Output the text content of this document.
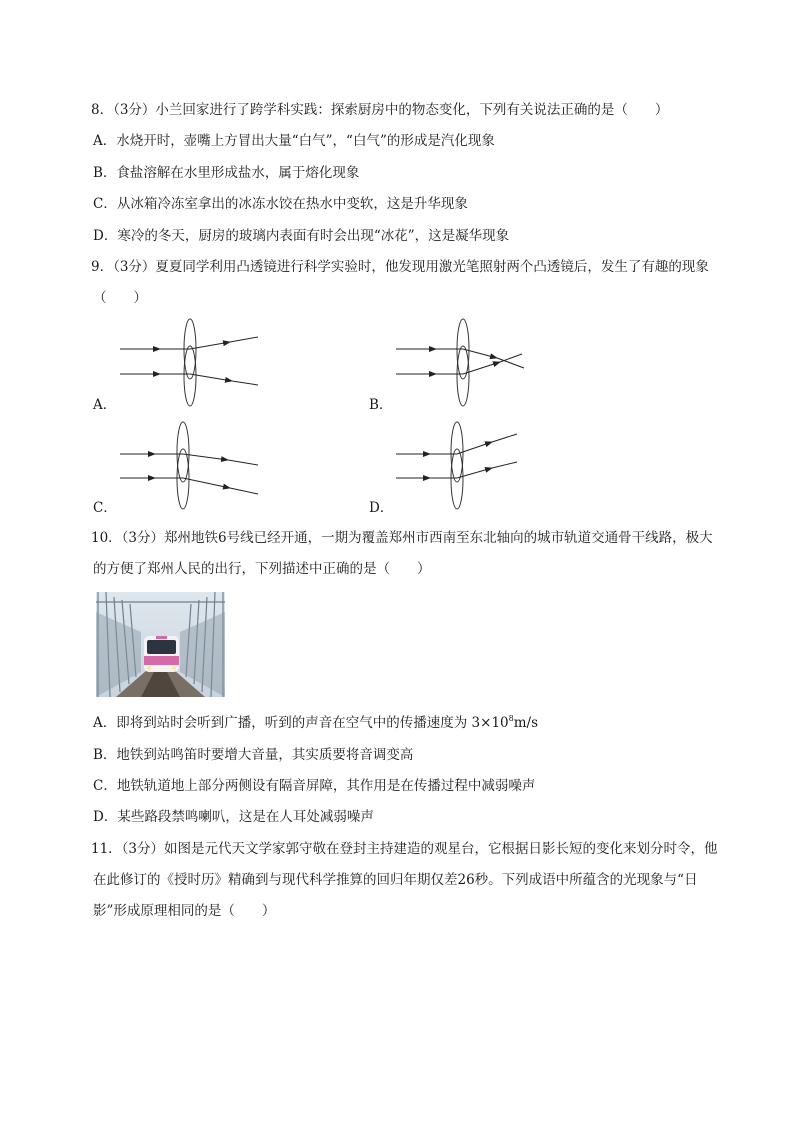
8．（3分）小兰回家进行了跨学科实践：探索厨房中的物态变化，下列有关说法正确的是（　　）
A．水烧开时，壶嘴上方冒出大量“白气”，“白气”的形成是汽化现象
B．食盐溶解在水里形成盐水，属于熔化现象
C．从冰箱冷冻室拿出的冰冻水饺在热水中变软，这是升华现象
D．寒冷的冬天，厨房的玻璃内表面有时会出现“冰花”，这是凝华现象
9．（3分）夏夏同学利用凸透镜进行科学实验时，他发现用激光笔照射两个凸透镜后，发生了有趣的现象
（　　）
A．	B．
C．	D．
10．（3分）郑州地铁6号线已经开通，一期为覆盖郑州市西南至东北轴向的城市轨道交通骨干线路，极大
的方便了郑州人民的出行，下列描述中正确的是（　　）
A．即将到站时会听到广播，听到的声音在空气中的传播速度为 $3\times 10^8m/s$
B．地铁到站鸣笛时要增大音量，其实质要将音调变高
C．地铁轨道地上部分两侧设有隔音屏障，其作用是在传播过程中减弱噪声
D．某些路段禁鸣喇叭，这是在人耳处减弱噪声
11．（3分）如图是元代天文学家郭守敬在登封主持建造的观星台，它根据日影长短的变化来划分时令，他
在此修订的《授时历》精确到与现代科学推算的回归年期仅差26秒。下列成语中所蕴含的光现象与“日
影”形成原理相同的是（　　）
